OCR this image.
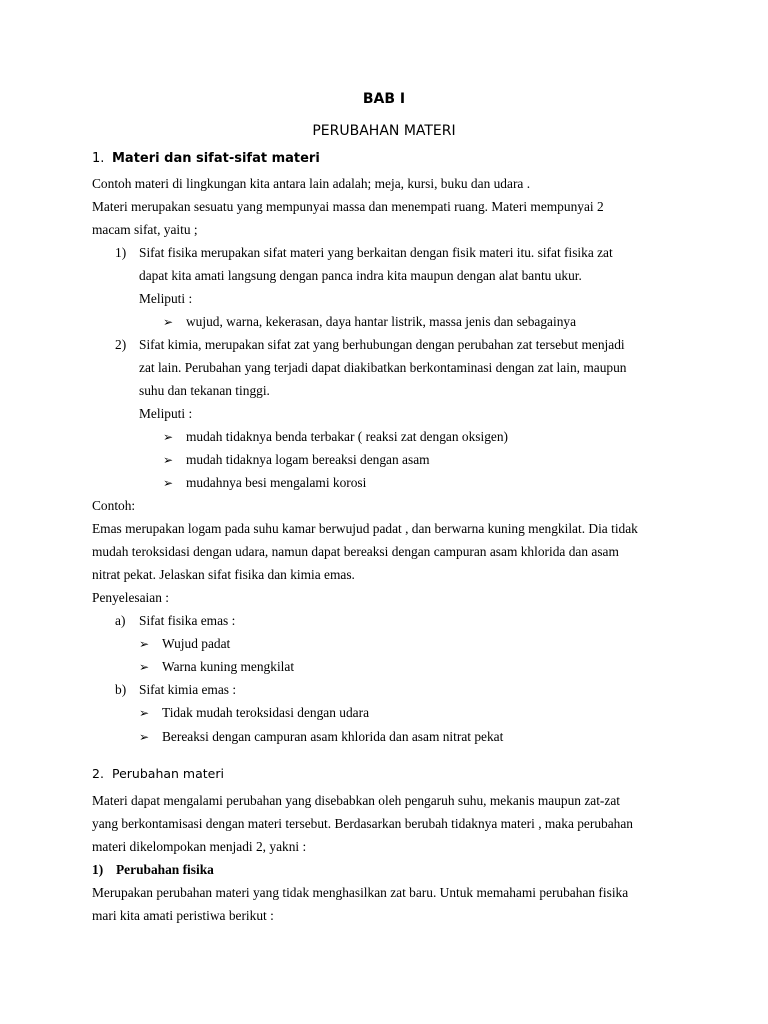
BAB I
PERUBAHAN MATERI
1. Materi dan sifat-sifat materi
Contoh materi di lingkungan kita antara lain adalah; meja, kursi, buku dan udara .
Materi merupakan sesuatu yang mempunyai massa dan menempati ruang. Materi mempunyai 2
macam sifat, yaitu ;
1) Sifat fisika merupakan sifat materi yang berkaitan dengan fisik materi itu. sifat fisika zat
dapat kita amati langsung dengan panca indra kita maupun dengan alat bantu ukur.
Meliputi :
➢ wujud, warna, kekerasan, daya hantar listrik, massa jenis dan sebagainya
2) Sifat kimia, merupakan sifat zat yang berhubungan dengan perubahan zat tersebut menjadi
zat lain. Perubahan yang terjadi dapat diakibatkan berkontaminasi dengan zat lain, maupun
suhu dan tekanan tinggi.
Meliputi :
➢ mudah tidaknya benda terbakar ( reaksi zat dengan oksigen)
➢ mudah tidaknya logam bereaksi dengan asam
➢ mudahnya besi mengalami korosi
Contoh:
Emas merupakan logam pada suhu kamar berwujud padat , dan berwarna kuning mengkilat. Dia tidak
mudah teroksidasi dengan udara, namun dapat bereaksi dengan campuran asam khlorida dan asam
nitrat pekat. Jelaskan sifat fisika dan kimia emas.
Penyelesaian :
a) Sifat fisika emas :
➢ Wujud padat
➢ Warna kuning mengkilat
b) Sifat kimia emas :
➢ Tidak mudah teroksidasi dengan udara
➢ Bereaksi dengan campuran asam khlorida dan asam nitrat pekat
2. Perubahan materi
Materi dapat mengalami perubahan yang disebabkan oleh pengaruh suhu, mekanis maupun zat-zat
yang berkontamisasi dengan materi tersebut. Berdasarkan berubah tidaknya materi , maka perubahan
materi dikelompokan menjadi 2, yakni :
1) Perubahan fisika
Merupakan perubahan materi yang tidak menghasilkan zat baru. Untuk memahami perubahan fisika
mari kita amati peristiwa berikut :
